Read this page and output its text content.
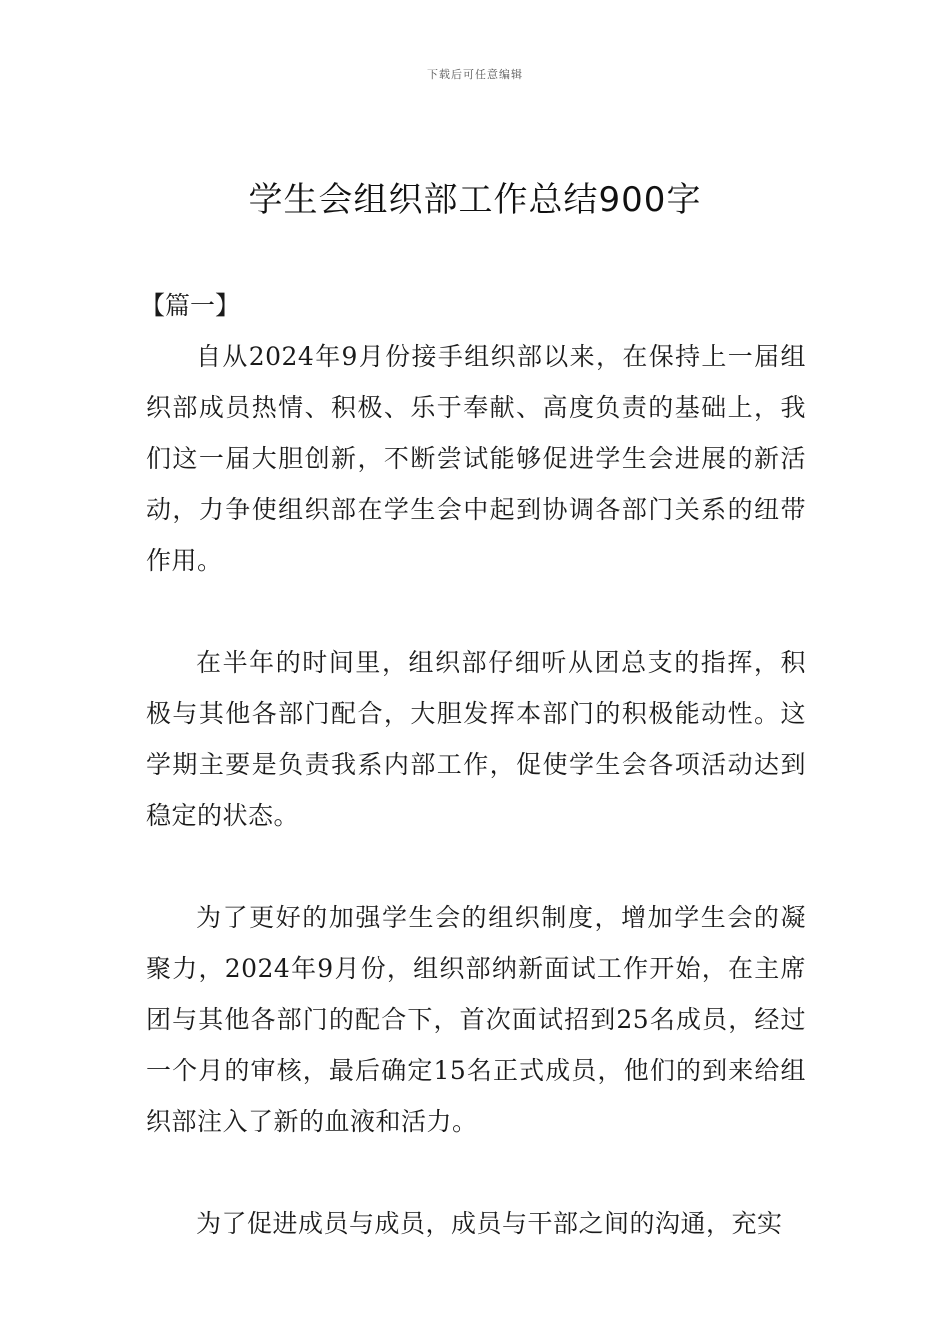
下载后可任意编辑
学生会组织部工作总结900字

【篇一】

自从2024年9月份接手组织部以来，在保持上一届组织部成员热情、积极、乐于奉献、高度负责的基础上，我们这一届大胆创新，不断尝试能够促进学生会进展的新活动，力争使组织部在学生会中起到协调各部门关系的纽带作用。

在半年的时间里，组织部仔细听从团总支的指挥，积极与其他各部门配合，大胆发挥本部门的积极能动性。这学期主要是负责我系内部工作，促使学生会各项活动达到稳定的状态。

为了更好的加强学生会的组织制度，增加学生会的凝聚力，2024年9月份，组织部纳新面试工作开始，在主席团与其他各部门的配合下，首次面试招到25名成员，经过一个月的审核，最后确定15名正式成员，他们的到来给组织部注入了新的血液和活力。

为了促进成员与成员，成员与干部之间的沟通，充实
